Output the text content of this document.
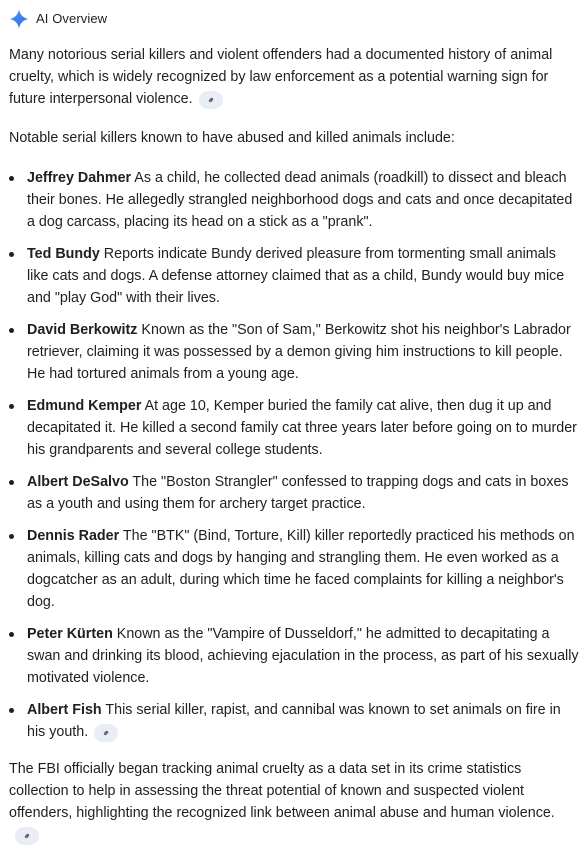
AI Overview

Many notorious serial killers and violent offenders had a documented history of animal cruelty, which is widely recognized by law enforcement as a potential warning sign for future interpersonal violence.

Notable serial killers known to have abused and killed animals include:

Jeffrey Dahmer As a child, he collected dead animals (roadkill) to dissect and bleach their bones. He allegedly strangled neighborhood dogs and cats and once decapitated a dog carcass, placing its head on a stick as a "prank".
Ted Bundy Reports indicate Bundy derived pleasure from tormenting small animals like cats and dogs. A defense attorney claimed that as a child, Bundy would buy mice and "play God" with their lives.
David Berkowitz Known as the "Son of Sam," Berkowitz shot his neighbor's Labrador retriever, claiming it was possessed by a demon giving him instructions to kill people. He had tortured animals from a young age.
Edmund Kemper At age 10, Kemper buried the family cat alive, then dug it up and decapitated it. He killed a second family cat three years later before going on to murder his grandparents and several college students.
Albert DeSalvo The "Boston Strangler" confessed to trapping dogs and cats in boxes as a youth and using them for archery target practice.
Dennis Rader The "BTK" (Bind, Torture, Kill) killer reportedly practiced his methods on animals, killing cats and dogs by hanging and strangling them. He even worked as a dogcatcher as an adult, during which time he faced complaints for killing a neighbor's dog.
Peter Kürten Known as the "Vampire of Dusseldorf," he admitted to decapitating a swan and drinking its blood, achieving ejaculation in the process, as part of his sexually motivated violence.
Albert Fish This serial killer, rapist, and cannibal was known to set animals on fire in his youth.

The FBI officially began tracking animal cruelty as a data set in its crime statistics collection to help in assessing the threat potential of known and suspected violent offenders, highlighting the recognized link between animal abuse and human violence.
